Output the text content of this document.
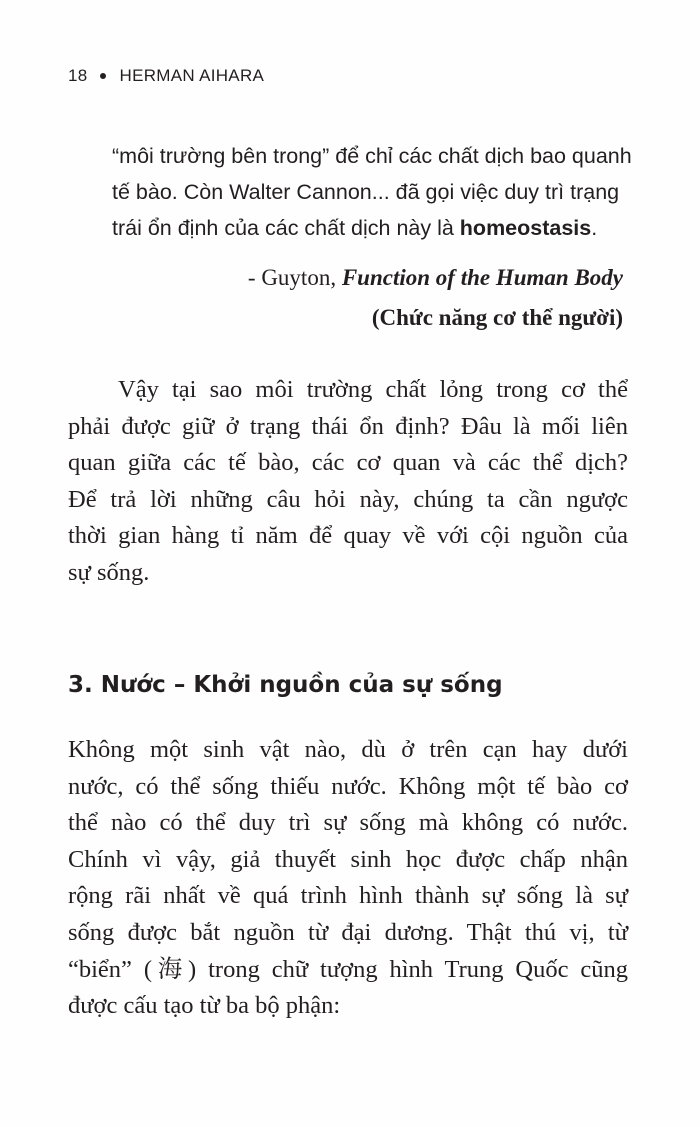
18 HERMAN AIHARA
“môi trường bên trong” để chỉ các chất dịch bao quanh
tế bào. Còn Walter Cannon... đã gọi việc duy trì trạng
trái ổn định của các chất dịch này là homeostasis.
- Guyton, Function of the Human Body
(Chức năng cơ thể người)
Vậy tại sao môi trường chất lỏng trong cơ thể
phải được giữ ở trạng thái ổn định? Đâu là mối liên
quan giữa các tế bào, các cơ quan và các thể dịch?
Để trả lời những câu hỏi này, chúng ta cần ngược
thời gian hàng tỉ năm để quay về với cội nguồn của
sự sống.
3. Nước – Khởi nguồn của sự sống
Không một sinh vật nào, dù ở trên cạn hay dưới
nước, có thể sống thiếu nước. Không một tế bào cơ
thể nào có thể duy trì sự sống mà không có nước.
Chính vì vậy, giả thuyết sinh học được chấp nhận
rộng rãi nhất về quá trình hình thành sự sống là sự
sống được bắt nguồn từ đại dương. Thật thú vị, từ
“biển” (海) trong chữ tượng hình Trung Quốc cũng
được cấu tạo từ ba bộ phận:
